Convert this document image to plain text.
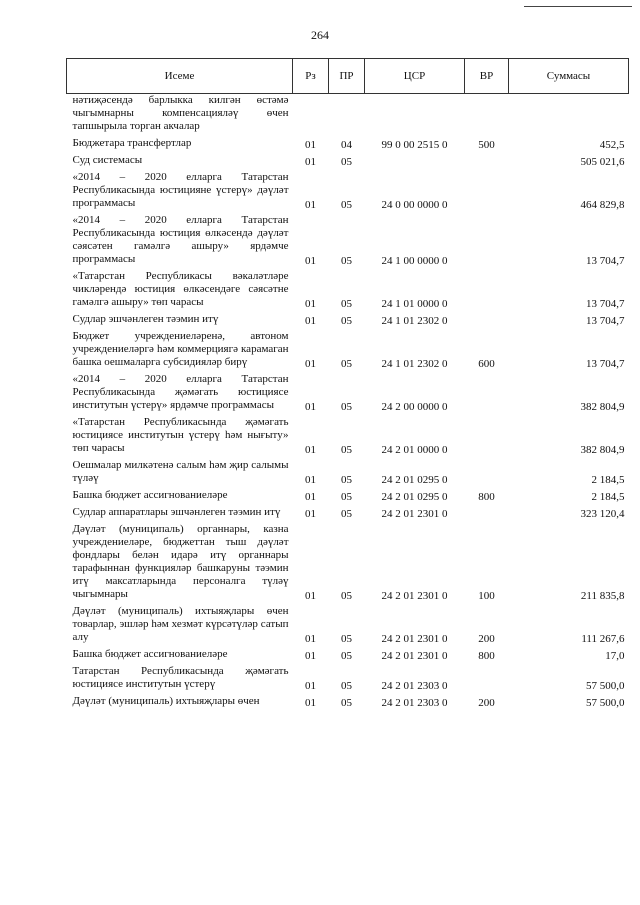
264
Исеме	Рз	ПР	ЦСР	ВР	Суммасы
нәтиҗәсендә барлыкка килгән өстәмә чыгымнарны компенсацияләү өчен тапшырыла торган акчалар					
Бюджетара трансфертлар	01	04	99 0 00 2515 0	500	452,5
Суд системасы	01	05			505 021,6
«2014 – 2020 елларга Татарстан Республикасында юстицияне үстерү» дәүләт программасы	01	05	24 0 00 0000 0		464 829,8
«2014 – 2020 елларга Татарстан Республикасында юстиция өлкәсендә дәүләт сәясәтен гамәлгә ашыру» ярдәмче программасы	01	05	24 1 00 0000 0		13 704,7
«Татарстан Республикасы вәкаләтләре чикләрендә юстиция өлкәсендәге сәясәтне гамәлгә ашыру» төп чарасы	01	05	24 1 01 0000 0		13 704,7
Судлар эшчәнлеген тәэмин итү	01	05	24 1 01 2302 0		13 704,7
Бюджет учреждениеләренә, автоном учреждениеләргә һәм коммерциягә карамаган башка оешмаларга субсидияләр бирү	01	05	24 1 01 2302 0	600	13 704,7
«2014 – 2020 елларга Татарстан Республикасында җәмәгать юстициясе институтын үстерү» ярдәмче программасы	01	05	24 2 00 0000 0		382 804,9
«Татарстан Республикасында җәмәгать юстициясе институтын үстерү һәм нығыту» төп чарасы	01	05	24 2 01 0000 0		382 804,9
Оешмалар милкәтенә салым һәм җир салымы түләү	01	05	24 2 01 0295 0		2 184,5
Башка бюджет ассигнованиеләре	01	05	24 2 01 0295 0	800	2 184,5
Судлар аппаратлары эшчәнлеген тәэмин итү	01	05	24 2 01 2301 0		323 120,4
Дәүләт (муниципаль) органнары, казна учреждениеләре, бюджеттан тыш дәүләт фондлары белән идарә итү органнары тарафыннан функцияләр башкаруны тәэмин итү максатларында персоналга түләү чыгымнары	01	05	24 2 01 2301 0	100	211 835,8
Дәүләт (муниципаль) ихтыяҗлары өчен товарлар, эшләр һәм хезмәт күрсәтүләр сатып алу	01	05	24 2 01 2301 0	200	111 267,6
Башка бюджет ассигнованиеләре	01	05	24 2 01 2301 0	800	17,0
Татарстан Республикасында җәмәгать юстициясе институтын үстерү	01	05	24 2 01 2303 0		57 500,0
Дәүләт (муниципаль) ихтыяҗлары өчен	01	05	24 2 01 2303 0	200	57 500,0
